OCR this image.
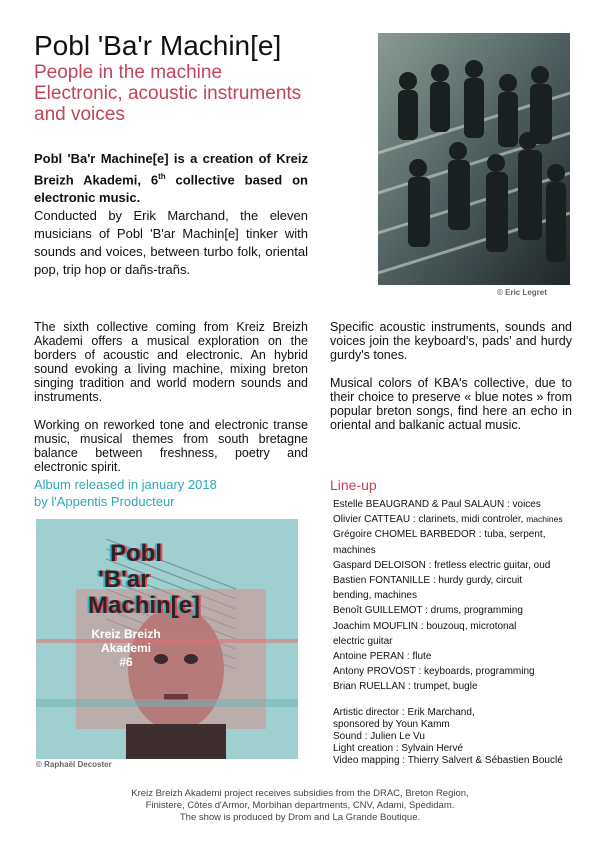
Pobl 'Ba'r Machin[e]
People in the machine
Electronic, acoustic instruments
and voices
Pobl 'Ba'r Machine[e] is a creation of Kreiz Breizh Akademi, 6th collective based on electronic music.
Conducted by Erik Marchand, the eleven musicians of Pobl 'B'ar Machin[e] tinker with sounds and voices, between turbo folk, oriental pop, trip hop or dañs-trañs.
© Eric Legret

The sixth collective coming from Kreiz Breizh Akademi offers a musical exploration on the borders of acoustic and electronic. An hybrid sound evoking a living machine, mixing breton singing tradition and world modern sounds and instruments.

Working on reworked tone and electronic transe music, musical themes from south bretagne balance between freshness, poetry and electronic spirit.

Specific acoustic instruments, sounds and voices join the keyboard's, pads' and hurdy gurdy's tones.

Musical colors of KBA's collective, due to their choice to preserve « blue notes » from popular breton songs, find here an echo in oriental and balkanic actual music.

Album released in january 2018
by l'Appentis Producteur
Pobl
'B'ar
Machin[e]
Kreiz Breizh
Akademi
#6
© Raphaël Decoster
Line-up
Estelle BEAUGRAND & Paul SALAUN : voices
Olivier CATTEAU : clarinets, midi controler, machines
Grégoire CHOMEL BARBEDOR : tuba, serpent,
machines
Gaspard DELOISON : fretless electric guitar, oud
Bastien FONTANILLE : hurdy gurdy, circuit
bending, machines
Benoît GUILLEMOT : drums, programming
Joachim MOUFLIN : bouzouq, microtonal
electric guitar
Antoine PERAN : flute
Antony PROVOST : keyboards, programming
Brian RUELLAN : trumpet, bugle
Artistic director : Erik Marchand,
sponsored by Youn Kamm
Sound : Julien Le Vu
Light creation : Sylvain Hervé
Video mapping : Thierry Salvert & Sébastien Bouclé
Kreiz Breizh Akademi project receives subsidies from the DRAC, Breton Region,
Finistere, Côtes d'Armor, Morbihan departments, CNV, Adami, Spedidam.
The show is produced by Drom and La Grande Boutique.
